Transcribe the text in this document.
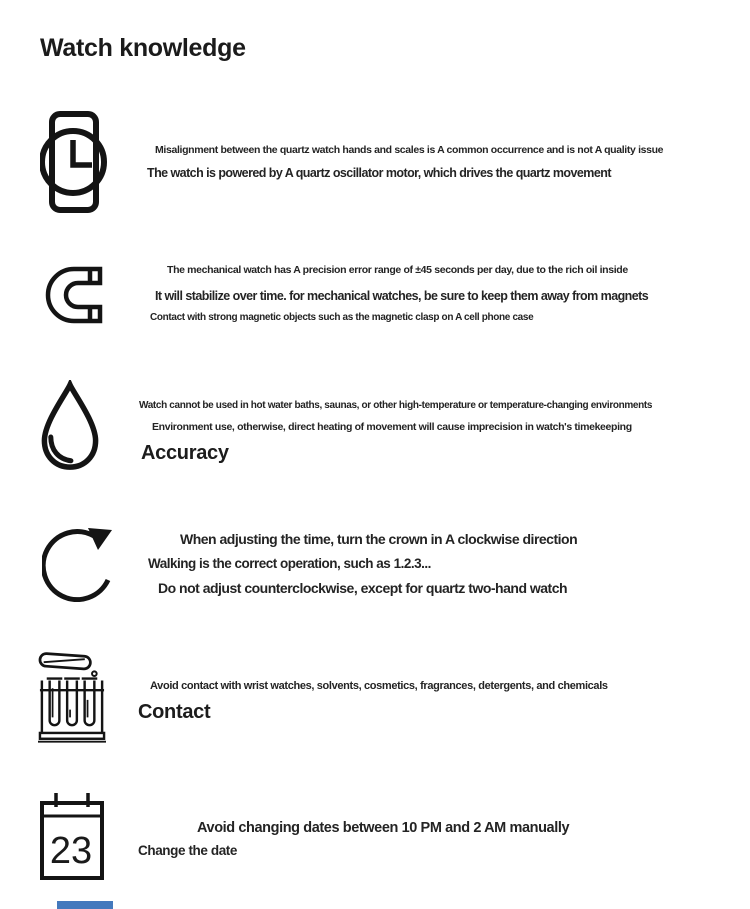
Watch knowledge
Misalignment between the quartz watch hands and scales is A common occurrence and is not A quality issue
The watch is powered by A quartz oscillator motor, which drives the quartz movement
The mechanical watch has A precision error range of ±45 seconds per day, due to the rich oil inside
It will stabilize over time. for mechanical watches, be sure to keep them away from magnets
Contact with strong magnetic objects such as the magnetic clasp on A cell phone case
Watch cannot be used in hot water baths, saunas, or other high-temperature or temperature-changing environments
Environment use, otherwise, direct heating of movement will cause imprecision in watch's timekeeping
Accuracy
When adjusting the time, turn the crown in A clockwise direction
Walking is the correct operation, such as 1.2.3...
Do not adjust counterclockwise, except for quartz two-hand watch
Avoid contact with wrist watches, solvents, cosmetics, fragrances, detergents, and chemicals
Contact
23
Avoid changing dates between 10 PM and 2 AM manually
Change the date
